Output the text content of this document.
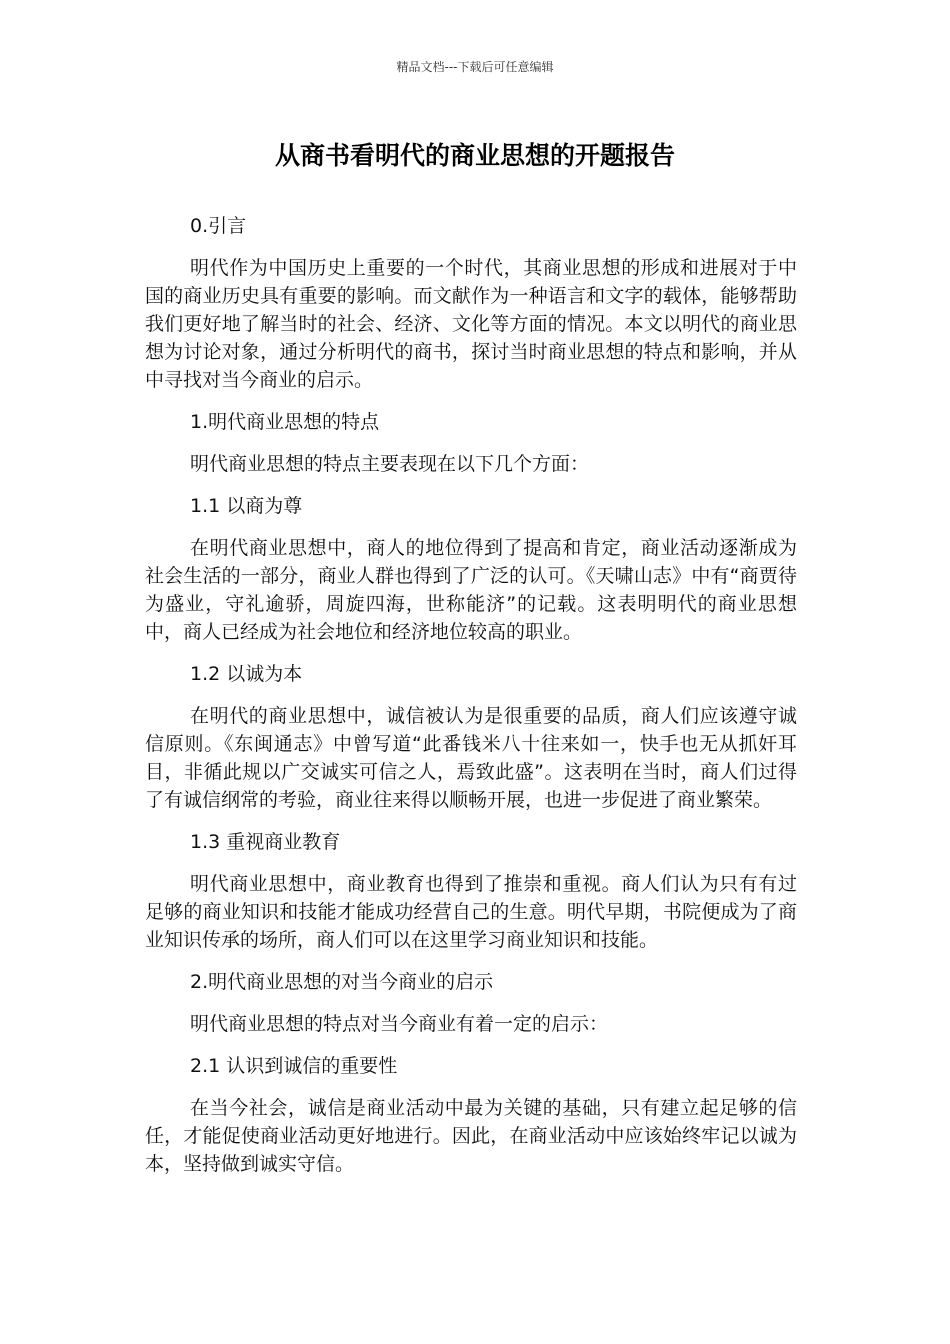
精品文档---下载后可任意编辑
从商书看明代的商业思想的开题报告

0.引言

明代作为中国历史上重要的一个时代，其商业思想的形成和进展对于中国的商业历史具有重要的影响。而文献作为一种语言和文字的载体，能够帮助我们更好地了解当时的社会、经济、文化等方面的情况。本文以明代的商业思想为讨论对象，通过分析明代的商书，探讨当时商业思想的特点和影响，并从中寻找对当今商业的启示。

1.明代商业思想的特点

明代商业思想的特点主要表现在以下几个方面：

1.1 以商为尊

在明代商业思想中，商人的地位得到了提高和肯定，商业活动逐渐成为社会生活的一部分，商业人群也得到了广泛的认可。《天啸山志》中有“商贾待为盛业，守礼逾骄，周旋四海，世称能济”的记载。这表明明代的商业思想中，商人已经成为社会地位和经济地位较高的职业。

1.2 以诚为本

在明代的商业思想中，诚信被认为是很重要的品质，商人们应该遵守诚信原则。《东闽通志》中曾写道“此番钱米八十往来如一，快手也无从抓奸耳目，非循此规以广交诚实可信之人，焉致此盛”。这表明在当时，商人们过得了有诚信纲常的考验，商业往来得以顺畅开展，也进一步促进了商业繁荣。

1.3 重视商业教育

明代商业思想中，商业教育也得到了推崇和重视。商人们认为只有有过足够的商业知识和技能才能成功经营自己的生意。明代早期，书院便成为了商业知识传承的场所，商人们可以在这里学习商业知识和技能。

2.明代商业思想的对当今商业的启示

明代商业思想的特点对当今商业有着一定的启示：

2.1 认识到诚信的重要性

在当今社会，诚信是商业活动中最为关键的基础，只有建立起足够的信任，才能促使商业活动更好地进行。因此，在商业活动中应该始终牢记以诚为本，坚持做到诚实守信。
